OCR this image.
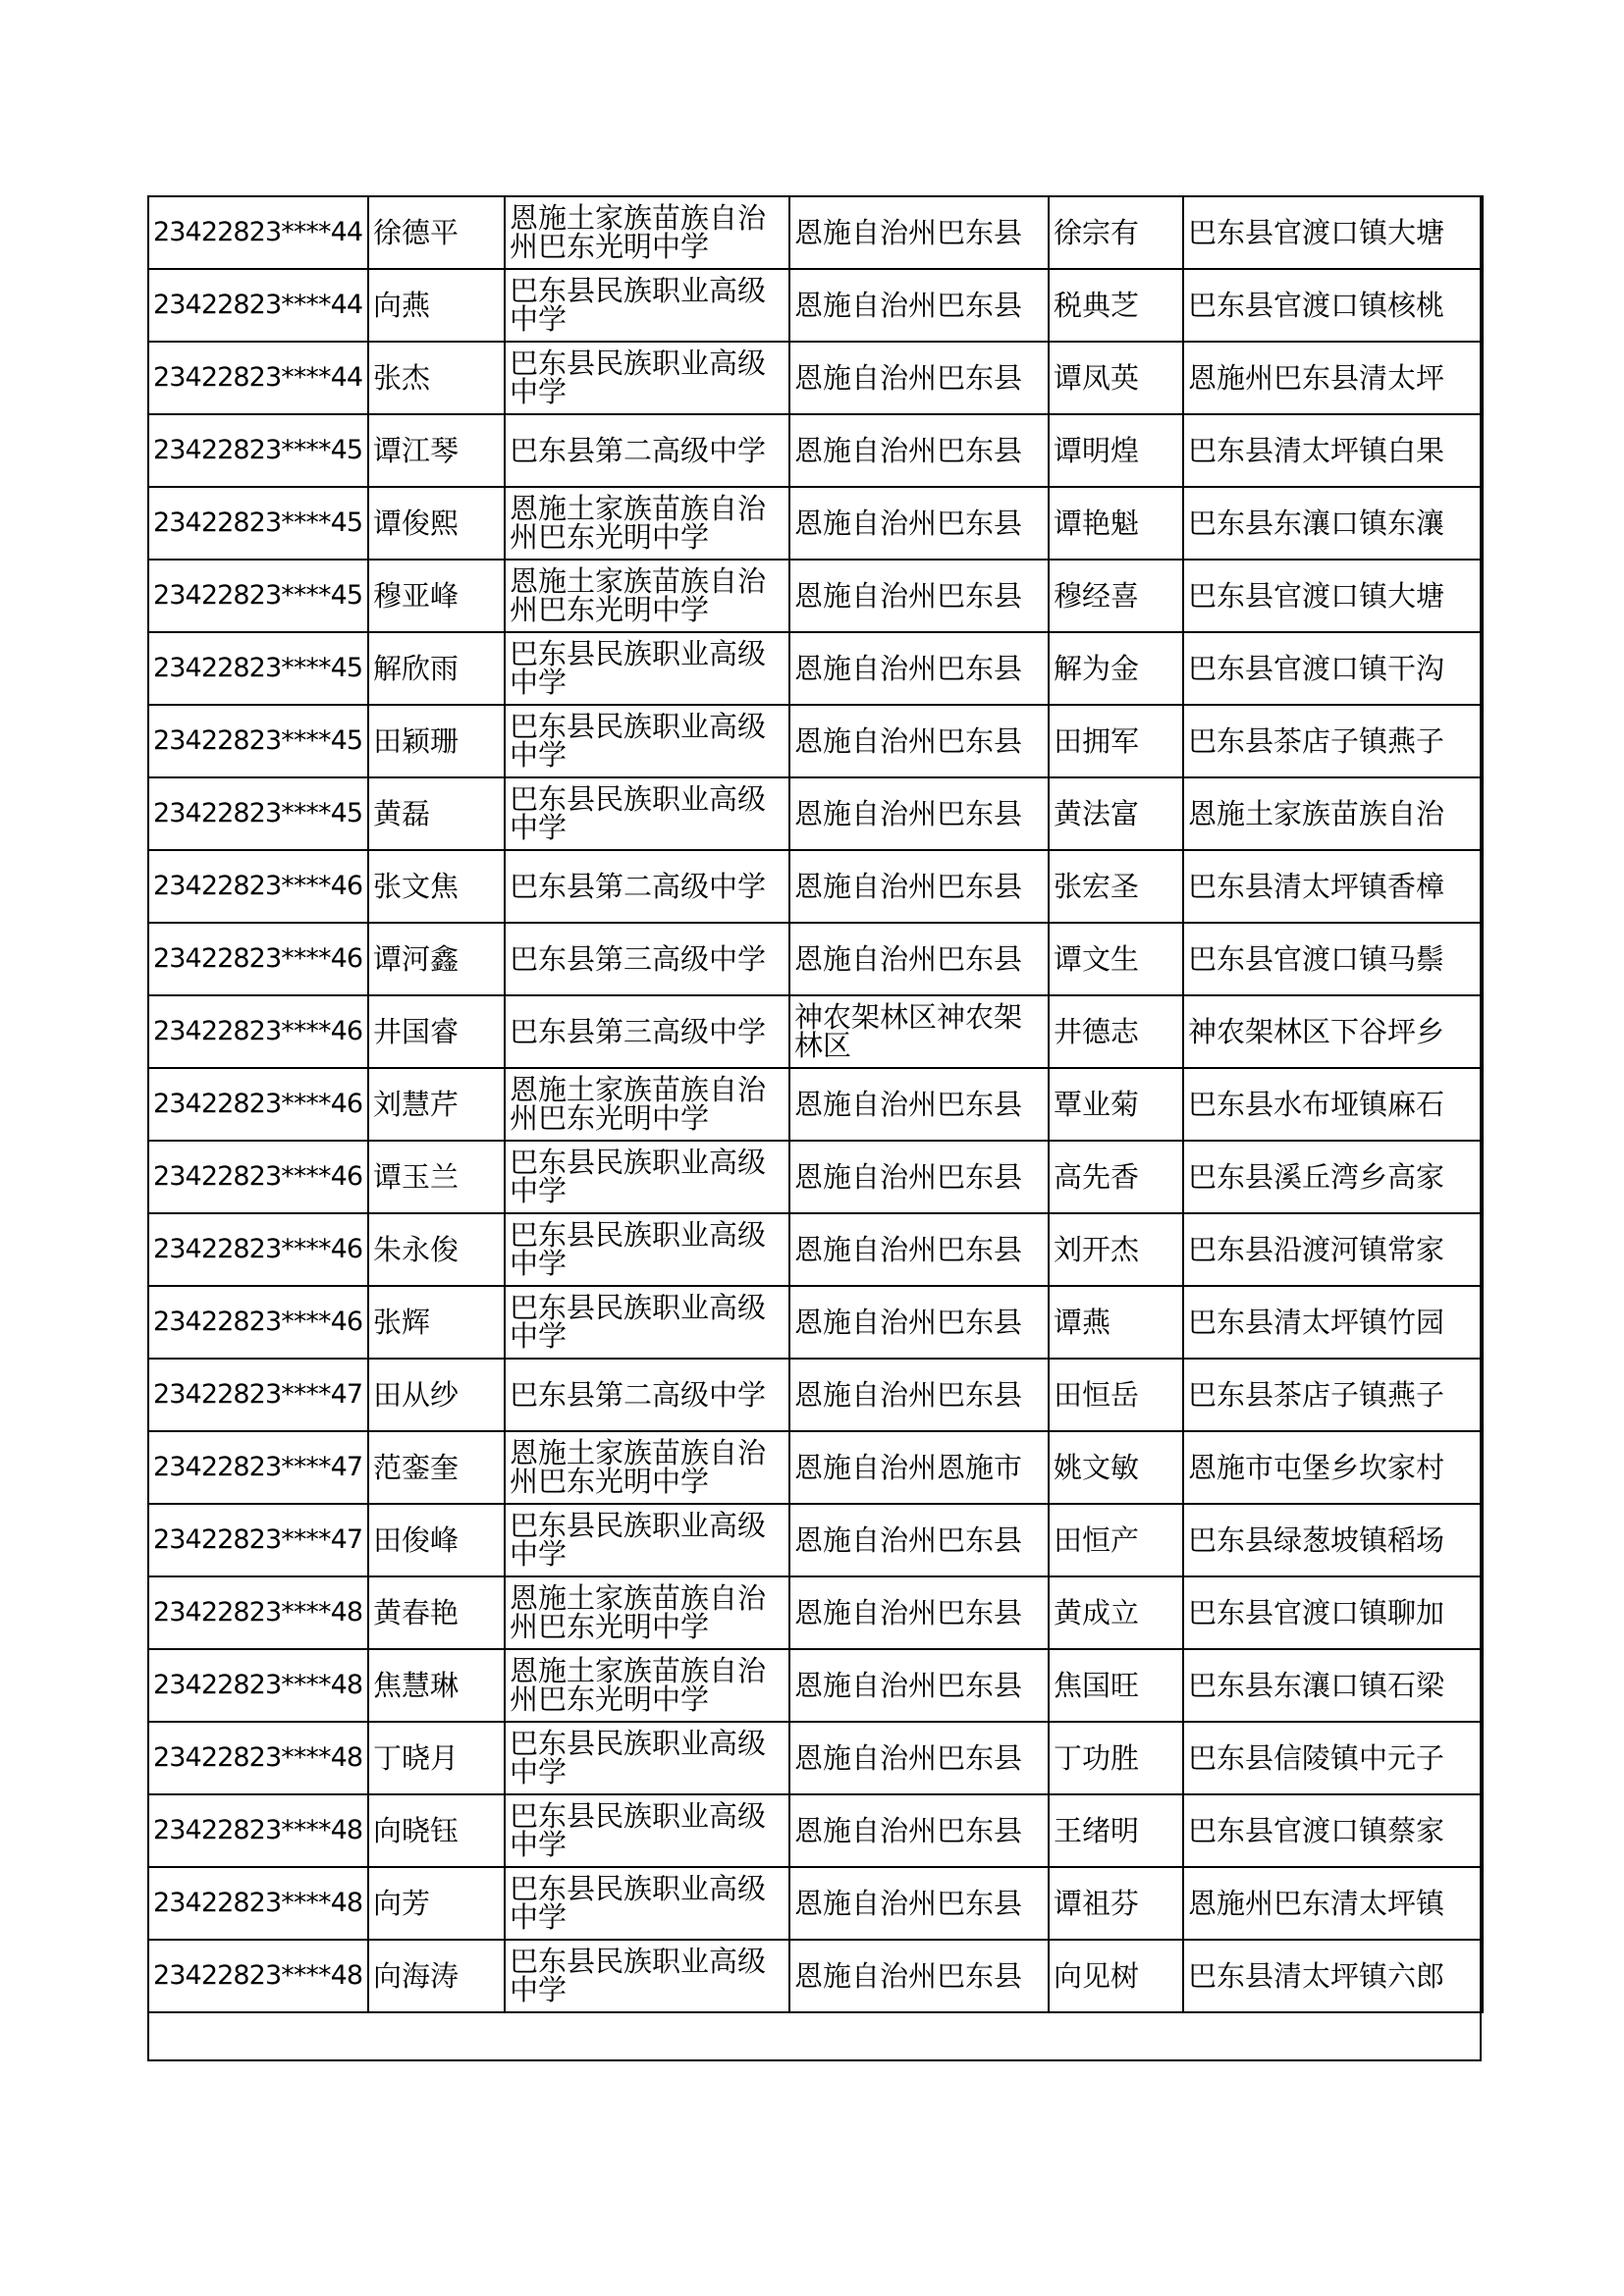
23422823****44	徐德平	恩施土家族苗族自治州巴东光明中学	恩施自治州巴东县	徐宗有	巴东县官渡口镇大塘
23422823****44	向燕	巴东县民族职业高级中学	恩施自治州巴东县	税典芝	巴东县官渡口镇核桃
23422823****44	张杰	巴东县民族职业高级中学	恩施自治州巴东县	谭凤英	恩施州巴东县清太坪
23422823****45	谭江琴	巴东县第二高级中学	恩施自治州巴东县	谭明煌	巴东县清太坪镇白果
23422823****45	谭俊熙	恩施土家族苗族自治州巴东光明中学	恩施自治州巴东县	谭艳魁	巴东县东瀼口镇东瀼
23422823****45	穆亚峰	恩施土家族苗族自治州巴东光明中学	恩施自治州巴东县	穆经喜	巴东县官渡口镇大塘
23422823****45	解欣雨	巴东县民族职业高级中学	恩施自治州巴东县	解为金	巴东县官渡口镇干沟
23422823****45	田颖珊	巴东县民族职业高级中学	恩施自治州巴东县	田拥军	巴东县茶店子镇燕子
23422823****45	黄磊	巴东县民族职业高级中学	恩施自治州巴东县	黄法富	恩施土家族苗族自治
23422823****46	张文焦	巴东县第二高级中学	恩施自治州巴东县	张宏圣	巴东县清太坪镇香樟
23422823****46	谭河鑫	巴东县第三高级中学	恩施自治州巴东县	谭文生	巴东县官渡口镇马鬃
23422823****46	井国睿	巴东县第三高级中学	神农架林区神农架林区	井德志	神农架林区下谷坪乡
23422823****46	刘慧芹	恩施土家族苗族自治州巴东光明中学	恩施自治州巴东县	覃业菊	巴东县水布垭镇麻石
23422823****46	谭玉兰	巴东县民族职业高级中学	恩施自治州巴东县	高先香	巴东县溪丘湾乡高家
23422823****46	朱永俊	巴东县民族职业高级中学	恩施自治州巴东县	刘开杰	巴东县沿渡河镇常家
23422823****46	张辉	巴东县民族职业高级中学	恩施自治州巴东县	谭燕	巴东县清太坪镇竹园
23422823****47	田从纱	巴东县第二高级中学	恩施自治州巴东县	田恒岳	巴东县茶店子镇燕子
23422823****47	范銮奎	恩施土家族苗族自治州巴东光明中学	恩施自治州恩施市	姚文敏	恩施市屯堡乡坎家村
23422823****47	田俊峰	巴东县民族职业高级中学	恩施自治州巴东县	田恒产	巴东县绿葱坡镇稻场
23422823****48	黄春艳	恩施土家族苗族自治州巴东光明中学	恩施自治州巴东县	黄成立	巴东县官渡口镇聊加
23422823****48	焦慧琳	恩施土家族苗族自治州巴东光明中学	恩施自治州巴东县	焦国旺	巴东县东瀼口镇石梁
23422823****48	丁晓月	巴东县民族职业高级中学	恩施自治州巴东县	丁功胜	巴东县信陵镇中元子
23422823****48	向晓钰	巴东县民族职业高级中学	恩施自治州巴东县	王绪明	巴东县官渡口镇蔡家
23422823****48	向芳	巴东县民族职业高级中学	恩施自治州巴东县	谭祖芬	恩施州巴东清太坪镇
23422823****48	向海涛	巴东县民族职业高级中学	恩施自治州巴东县	向见树	巴东县清太坪镇六郎
